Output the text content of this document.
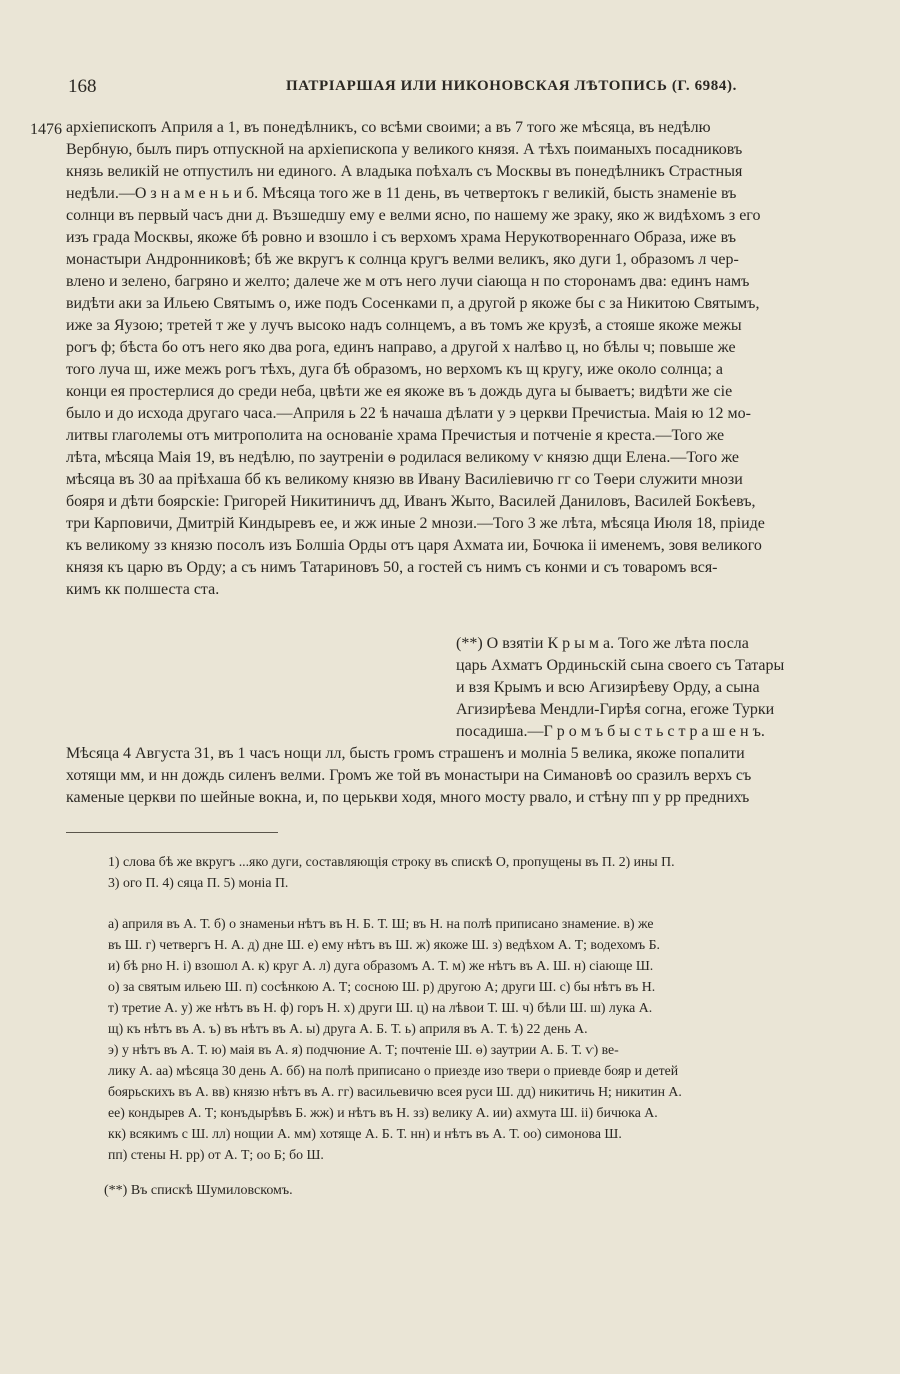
168	ПАТРІАРШАЯ ИЛИ НИКОНОВСКАЯ ЛѢТОПИСЬ (Г. 6984).
1476 архіепископъ Априля а 1, въ понедѣлникъ, со всѣми своими; а въ 7 того же мѣсяца, въ недѣлю
Вербную, былъ пиръ отпускной на архіепископа у великого князя. А тѣхъ поиманыхъ посадниковъ
князь великій не отпустилъ ни единого. А владыка поѣхалъ съ Москвы въ понедѣлникъ Страстныя
недѣли.—О з н а м е н ь и б. Мѣсяца того же в 11 день, въ четвертокъ г великій, бысть знаменіе въ
солнци въ первый часъ дни д. Възшедшу ему е велми ясно, по нашему же зраку, яко ж видѣхомъ з его
изъ града Москвы, якоже бѣ ровно и взошло і съ верхомъ храма Нерукотвореннаго Образа, иже въ
монастыри Андронниковѣ; бѣ же вкругъ к солнца кругъ велми великъ, яко дуги 1, образомъ л чер-
влено и зелено, багряно и желто; далече же м отъ него лучи сіающа н по сторонамъ два: единъ намъ
видѣти аки за Ильею Святымъ о, иже подъ Сосенками п, а другой р якоже бы с за Никитою Святымъ,
иже за Яузою; третей т же у лучъ высоко надъ солнцемъ, а въ томъ же крузѣ, а стояше якоже межы
рогъ ф; бѣста бо отъ него яко два рога, единъ направо, а другой х налѣво ц, но бѣлы ч; повыше же
того луча ш, иже межъ рогъ тѣхъ, дуга бѣ образомъ, но верхомъ къ щ кругу, иже около солнцa; а
конци ея простерлися до среди неба, цвѣти же ея якоже въ ъ дождь дуга ы бываетъ; видѣти же сіе
было и до исхода другаго часа.—Априля ь 22 ѣ начаша дѣлати у э церкви Пречистыа. Маія ю 12 мо-
литвы глаголемы отъ митрополита на основаніе храма Пречистыя и потченіе я креста.—Того же
лѣта, мѣсяца Маія 19, въ недѣлю, по заутреніи ѳ родилася великому ѵ князю дщи Елена.—Того же
мѣсяца въ 30 аа пріѣхаша бб къ великому князю вв Ивану Василіевичю гг со Тѳери служити мнози
бояря и дѣти боярскіе: Григорей Никитиничъ дд, Иванъ Жыто, Василей Даниловъ, Василей Бокѣевъ,
три Карповичи, Дмитрій Киндыревъ ее, и жж иные 2 мнози.—Того 3 же лѣта, мѣсяца Июля 18, пріиде
къ великому зз князю посолъ изъ Болшіа Орды отъ царя Ахмата ии, Бочюка іі именемъ, зовя великого
князя къ царю въ Орду; а съ нимъ Татариновъ 50, а гостей съ нимъ съ конми и съ товаромъ вся-
кимъ кк полшеста ста.
(**) О взятіи К р ы м а. Того же лѣта посла
царь Ахматъ Ординьскій сына своего съ Татары
и взя Крымъ и всю Агизирѣеву Орду, а сына
Агизирѣева Мендли-Гирѣя согна, егоже Турки
посадиша.—Г р о м ъ б ы с т ь с т р а ш е н ъ.
Мѣсяца 4 Августа 31, въ 1 часъ нощи лл, бысть громъ страшенъ и молніа 5 велика, якоже попалити
хотящи мм, и нн дождь силенъ велми. Громъ же той въ монастыри на Симановѣ оо сразилъ верхъ съ
каменые церкви по шейные вокна, и, по церькви ходя, много мосту рвало, и стѣну пп у рр преднихъ
1) слова бѣ же вкругъ ...яко дуги, составляющія строку въ спискѣ О, пропущены въ П. 2) ины П.
3) ого П. 4) сяца П. 5) моніа П.
а) априля въ А. Т. б) о знаменьи нѣтъ въ Н. Б. Т. Ш; въ Н. на полѣ приписано знамение. в) же
въ Ш. г) четвергъ Н. А. д) дне Ш. е) ему нѣтъ въ Ш. ж) якоже Ш. з) ведѣхом А. Т; водехомъ Б.
и) бѣ рно Н. і) взошол А. к) круг А. л) дуга образомъ А. Т. м) же нѣтъ въ А. Ш. н) сіающе Ш.
о) за святым ильею Ш. п) сосѣнкою А. Т; сосною Ш. р) другою А; други Ш. с) бы нѣтъ въ Н.
т) третие А. у) же нѣтъ въ Н. ф) горъ Н. х) други Ш. ц) на лѣвои Т. Ш. ч) бѣли Ш. ш) лука А.
щ) къ нѣтъ въ А. ъ) въ нѣтъ въ А. ы) друга А. Б. Т. ь) априля въ А. Т. ѣ) 22 день А.
э) у нѣтъ въ А. Т. ю) маія въ А. я) подчюние А. Т; почтеніе Ш. ѳ) заутрии А. Б. Т. ѵ) ве-
лику А. аа) мѣсяца 30 день А. бб) на полѣ приписано о приезде изо твери о приевде бояр и детей
боярьскихъ въ А. вв) князю нѣтъ въ А. гг) васильевичю всея руси Ш. дд) никитичь Н; никитин А.
ее) кондырев А. Т; конъдырѣвъ Б. жж) и нѣтъ въ Н. зз) велику А. ии) ахмута Ш. іі) бичюка А.
кк) всякимъ с Ш. лл) нощии А. мм) хотяще А. Б. Т. нн) и нѣтъ въ А. Т. оо) симонова Ш.
пп) стены Н. рр) от А. Т; оо Б; бо Ш.
(**) Въ спискѣ Шумиловскомъ.
